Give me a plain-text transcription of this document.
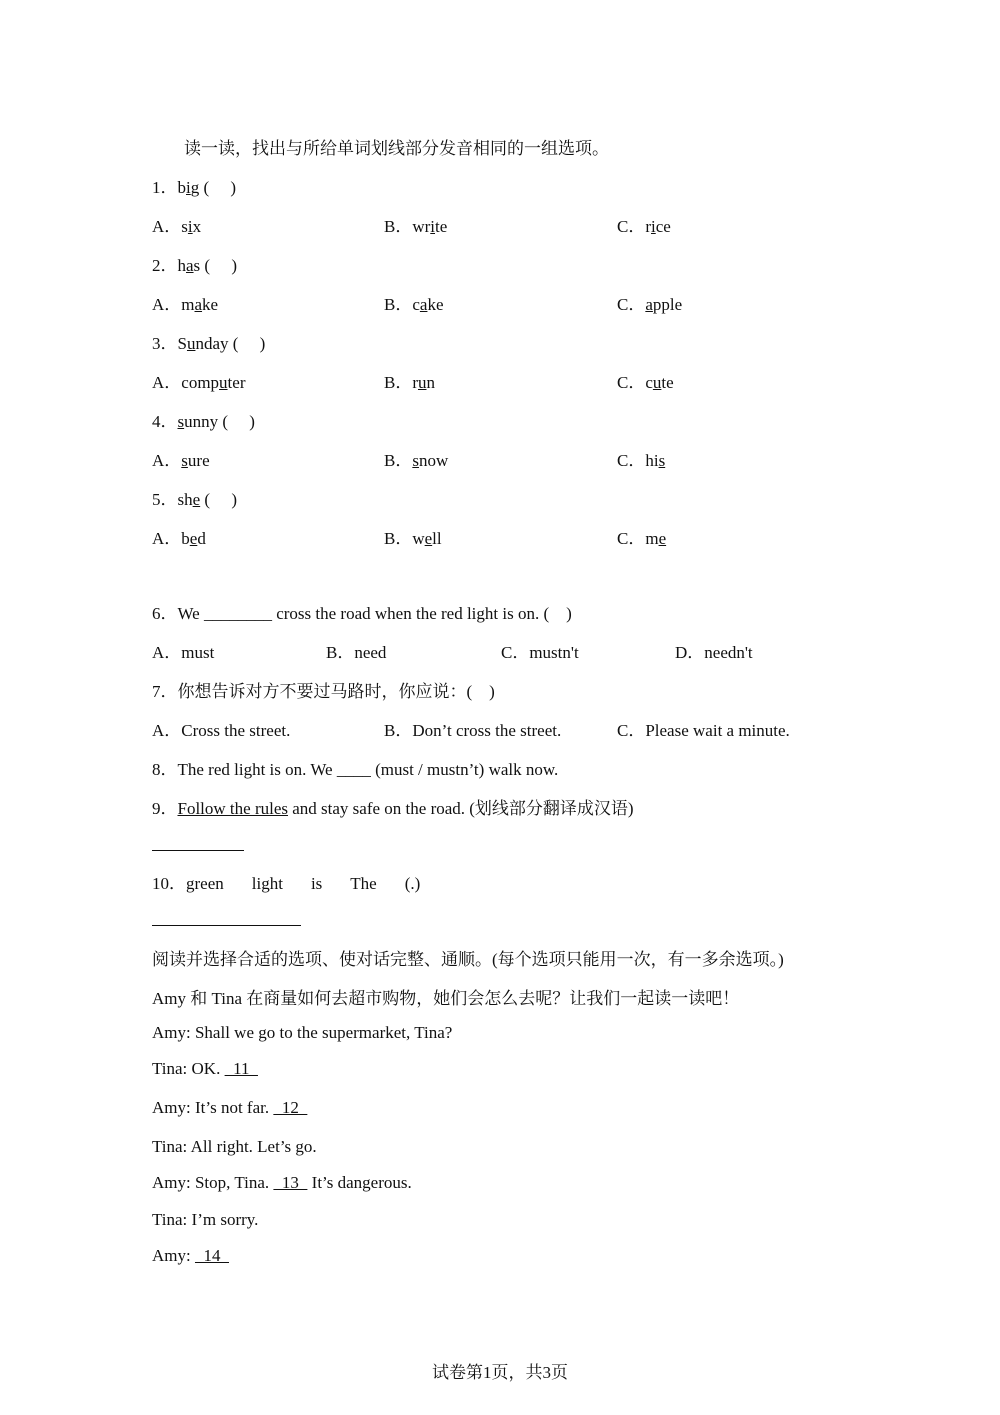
读一读，找出与所给单词划线部分发音相同的一组选项。
1．big (     )
A．six	B．write	C．rice
2．has (     )
A．make	B．cake	C．apple
3．Sunday (     )
A．computer	B．run	C．cute
4．sunny (     )
A．sure	B．snow	C．his
5．she (     )
A．bed	B．well	C．me
6．We ________ cross the road when the red light is on. (    )
A．must	B．need	C．mustn't	D．needn't
7．你想告诉对方不要过马路时，你应说：(    )
A．Cross the street.	B．Don’t cross the street.	C．Please wait a minute.
8．The red light is on. We ____ (must / mustn’t) walk now.
9．Follow the rules and stay safe on the road. (划线部分翻译成汉语)
10．green light is The (.)
阅读并选择合适的选项、使对话完整、通顺。(每个选项只能用一次，有一多余选项。)
Amy 和 Tina 在商量如何去超市购物，她们会怎么去呢？让我们一起读一读吧！
Amy: Shall we go to the supermarket, Tina?
Tina: OK.   11
Amy: It’s not far.   12
Tina: All right. Let’s go.
Amy: Stop, Tina.   13   It’s dangerous.
Tina: I’m sorry.
Amy:   14
试卷第1页，共3页
